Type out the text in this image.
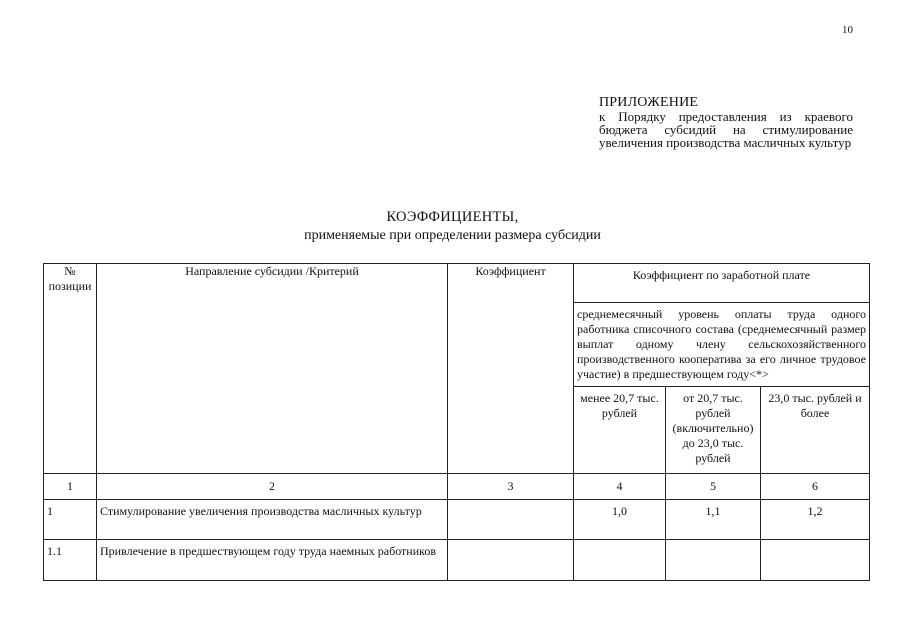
10
ПРИЛОЖЕНИЕ
к Порядку предоставления из краевого бюджета субсидий на стимулирование увеличения производства масличных культур
КОЭФФИЦИЕНТЫ,
применяемые при определении размера субсидии
№ позиции	Направление субсидии /Критерий	Коэффициент	Коэффициент по заработной плате		
			среднемесячный уровень оплаты труда одного работника списочного состава (среднемесячный размер выплат одному члену сельскохозяйственного производственного кооператива за его личное трудовое участие) в предшествующем году<*>		
			менее 20,7 тыс. рублей	от 20,7 тыс. рублей (включительно) до 23,0 тыс. рублей	23,0 тыс. рублей и более
1	2	3	4	5	6
1	Стимулирование увеличения производства масличных культур		1,0	1,1	1,2
1.1	Привлечение в предшествующем году труда наемных работников				
